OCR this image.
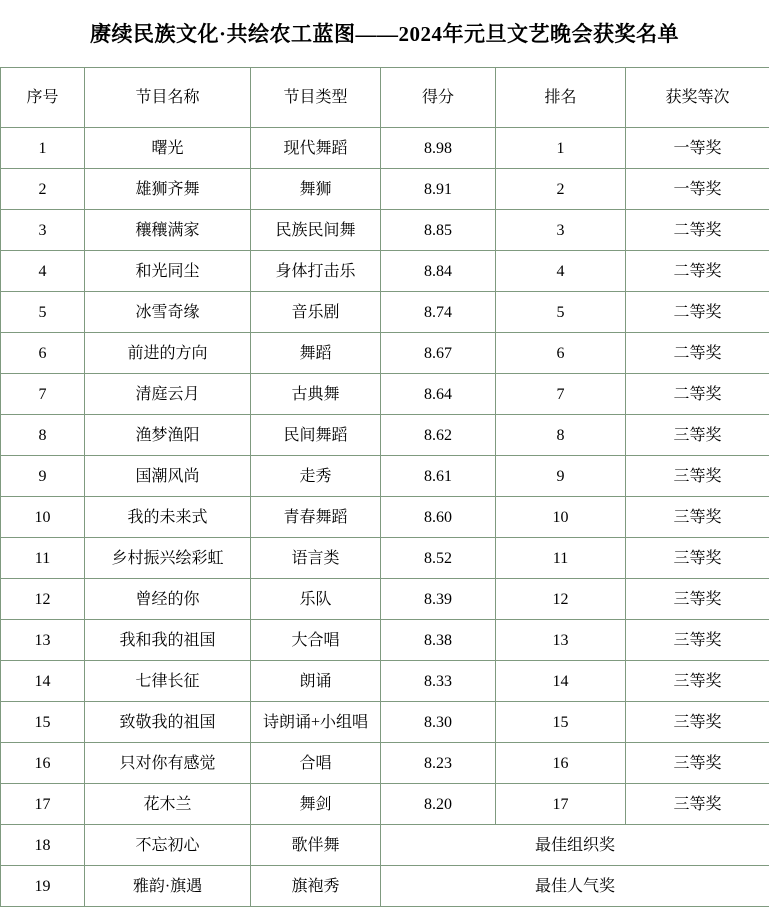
赓续民族文化·共绘农工蓝图——2024年元旦文艺晚会获奖名单
序号	节目名称	节目类型	得分	排名	获奖等次
1	曙光	现代舞蹈	8.98	1	一等奖
2	雄狮齐舞	舞狮	8.91	2	一等奖
3	穰穰满家	民族民间舞	8.85	3	二等奖
4	和光同尘	身体打击乐	8.84	4	二等奖
5	冰雪奇缘	音乐剧	8.74	5	二等奖
6	前进的方向	舞蹈	8.67	6	二等奖
7	清庭云月	古典舞	8.64	7	二等奖
8	渔梦渔阳	民间舞蹈	8.62	8	三等奖
9	国潮风尚	走秀	8.61	9	三等奖
10	我的未来式	青春舞蹈	8.60	10	三等奖
11	乡村振兴绘彩虹	语言类	8.52	11	三等奖
12	曾经的你	乐队	8.39	12	三等奖
13	我和我的祖国	大合唱	8.38	13	三等奖
14	七律长征	朗诵	8.33	14	三等奖
15	致敬我的祖国	诗朗诵+小组唱	8.30	15	三等奖
16	只对你有感觉	合唱	8.23	16	三等奖
17	花木兰	舞剑	8.20	17	三等奖
18	不忘初心	歌伴舞	最佳组织奖		
19	雅韵·旗遇	旗袍秀	最佳人气奖		
